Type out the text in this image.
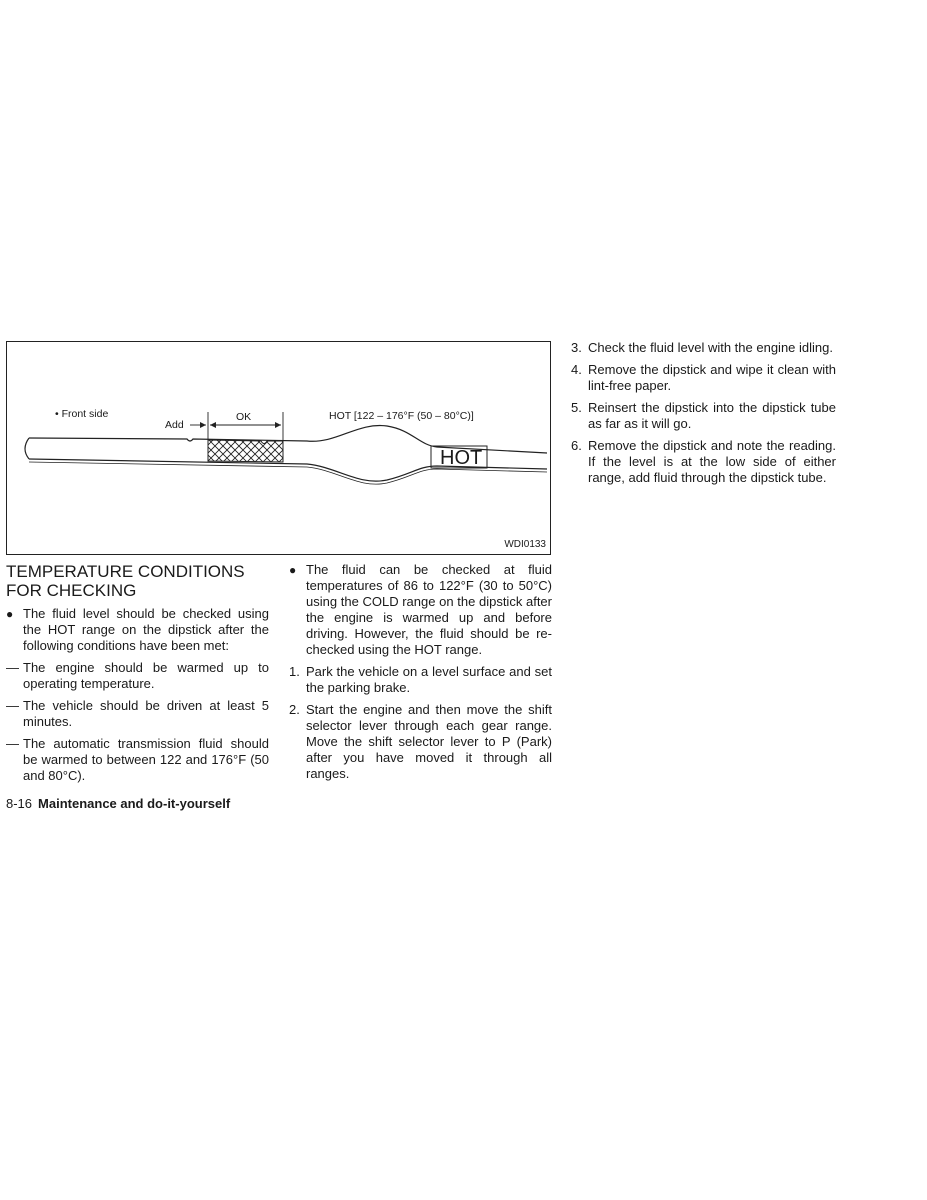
• Front side
Add
OK	HOT [122 – 176°F (50 – 80°C)]
HOT
WDI0133
TEMPERATURE CONDITIONS
FOR CHECKING
● The fluid level should be checked using the HOT range on the dipstick after the following conditions have been met:
— The engine should be warmed up to operating temperature.
— The vehicle should be driven at least 5 minutes.
— The automatic transmission fluid should be warmed to between 122 and 176°F (50 and 80°C).
● The fluid can be checked at fluid temperatures of 86 to 122°F (30 to 50°C) using the COLD range on the dipstick after the engine is warmed up and before driving. However, the fluid should be re-checked using the HOT range.
1. Park the vehicle on a level surface and set the parking brake.
2. Start the engine and then move the shift selector lever through each gear range. Move the shift selector lever to P (Park) after you have moved it through all ranges.
3. Check the fluid level with the engine idling.
4. Remove the dipstick and wipe it clean with lint-free paper.
5. Reinsert the dipstick into the dipstick tube as far as it will go.
6. Remove the dipstick and note the reading. If the level is at the low side of either range, add fluid through the dipstick tube.
8-16 Maintenance and do-it-yourself
